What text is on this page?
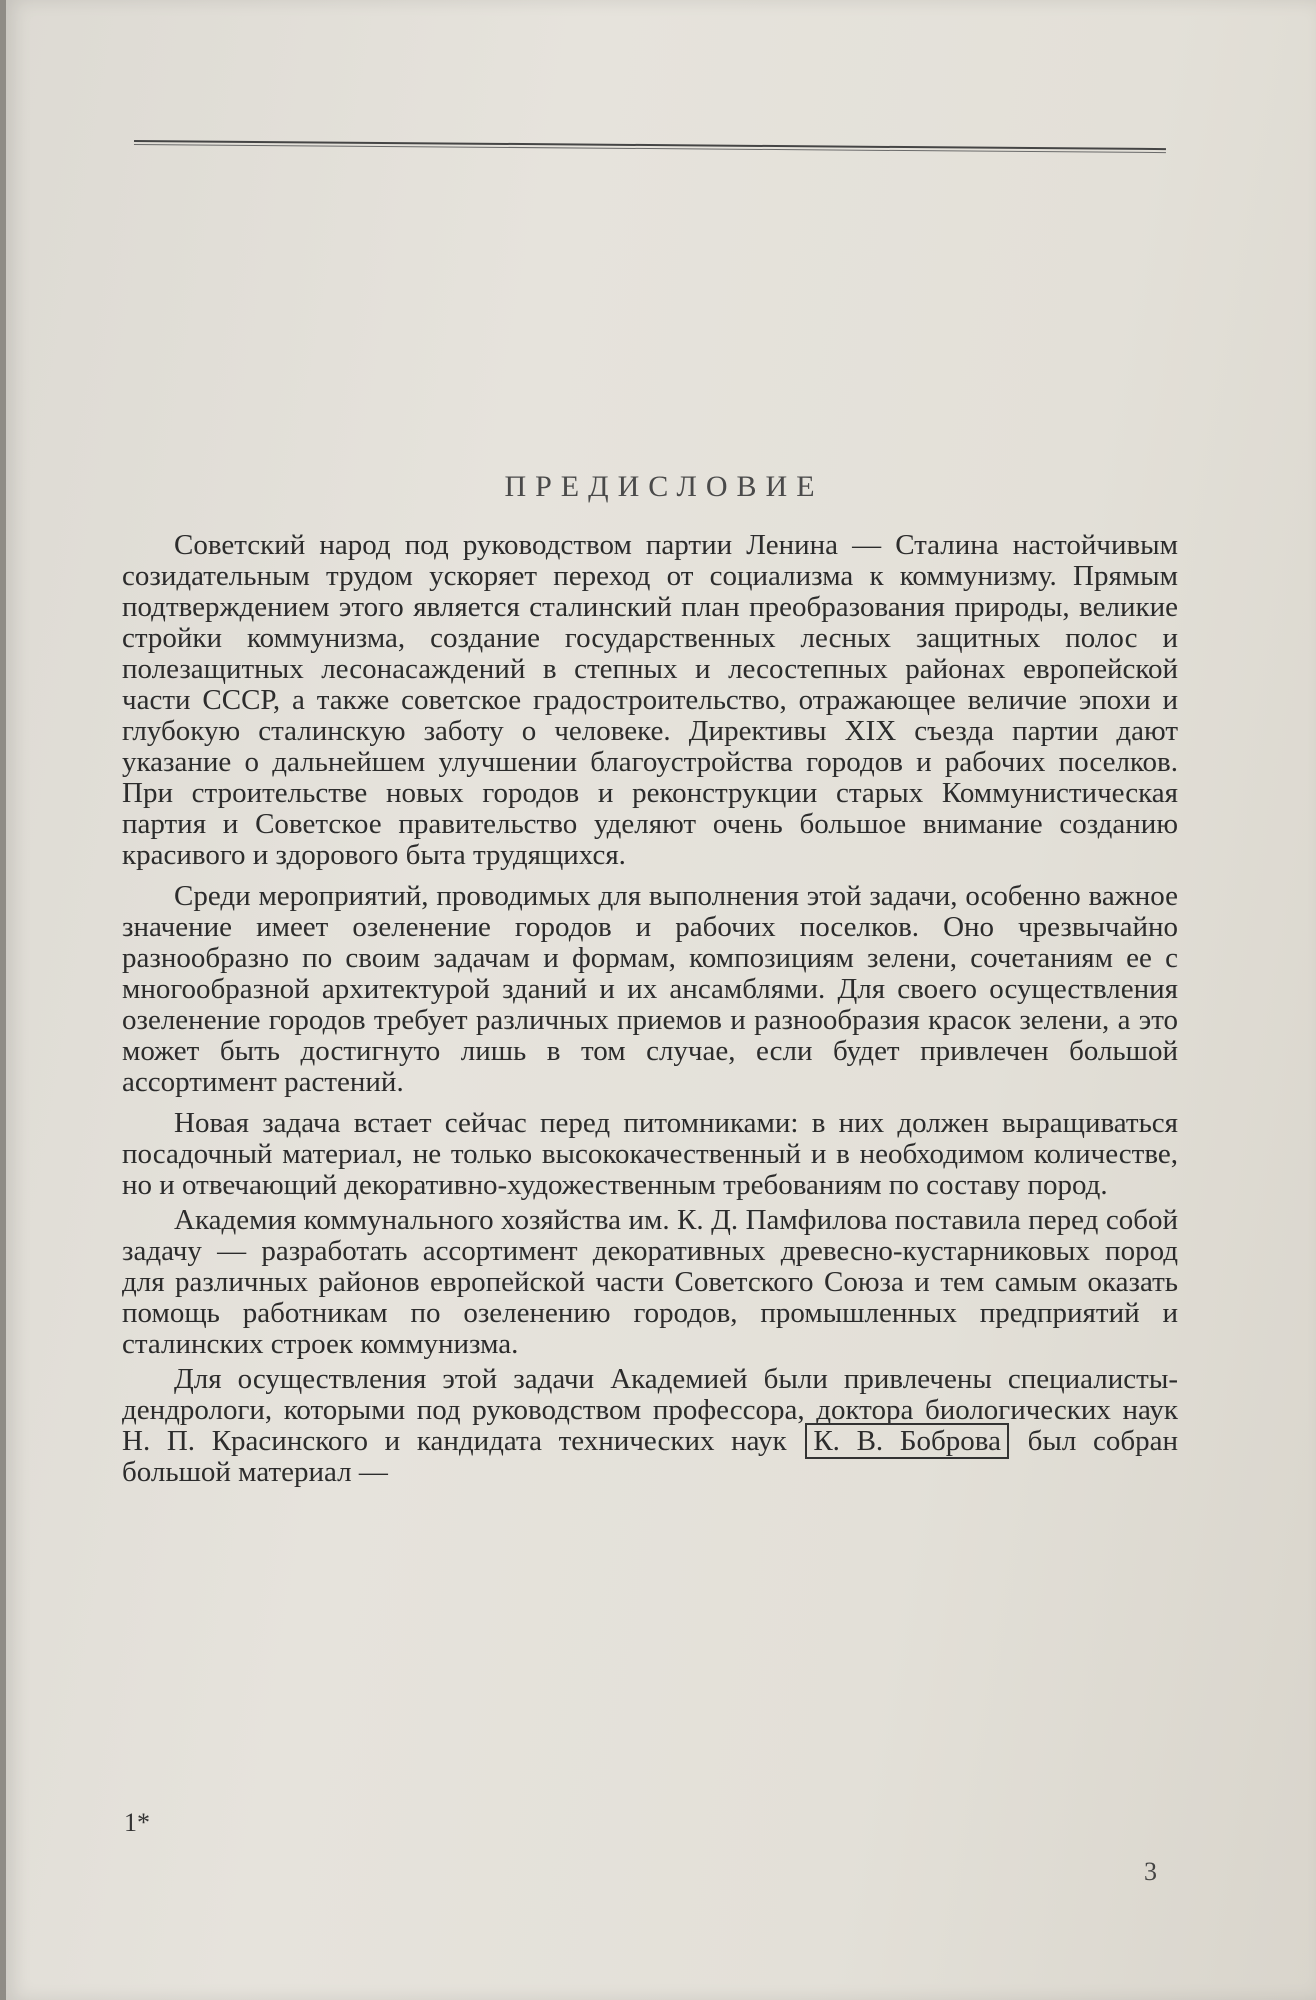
ПРЕДИСЛОВИЕ

Советский народ под руководством партии Ленина — Сталина настойчивым созидательным трудом ускоряет переход от социализма к коммунизму. Прямым подтверждением этого является сталинский план преобразования природы, великие стройки коммунизма, создание государственных лесных защитных полос и полезащитных лесонасаждений в степных и лесостепных районах европейской части СССР, а также советское градостроительство, отражающее величие эпохи и глубокую сталинскую заботу о человеке. Директивы XIX съезда партии дают указание о дальнейшем улучшении благоустройства городов и рабочих поселков. При строительстве новых городов и реконструкции старых Коммунистическая партия и Советское правительство уделяют очень большое внимание созданию красивого и здорового быта трудящихся.

Среди мероприятий, проводимых для выполнения этой задачи, особенно важное значение имеет озеленение городов и рабочих поселков. Оно чрезвычайно разнообразно по своим задачам и формам, композициям зелени, сочетаниям ее с многообразной архитектурой зданий и их ансамблями. Для своего осуществления озеленение городов требует различных приемов и разнообразия красок зелени, а это может быть достигнуто лишь в том случае, если будет привлечен большой ассортимент растений.

Новая задача встает сейчас перед питомниками: в них должен выращиваться посадочный материал, не только высококачественный и в необходимом количестве, но и отвечающий декоративно-художественным требованиям по составу пород.

Академия коммунального хозяйства им. К. Д. Памфилова поставила перед собой задачу — разработать ассортимент декоративных древесно-кустарниковых пород для различных районов европейской части Советского Союза и тем самым оказать помощь работникам по озеленению городов, промышленных предприятий и сталинских строек коммунизма.

Для осуществления этой задачи Академией были привлечены специалисты-дендрологи, которыми под руководством профессора, доктора биологических наук Н. П. Красинского и кандидата технических наук К. В. Боброва был собран большой материал —

1*
3
